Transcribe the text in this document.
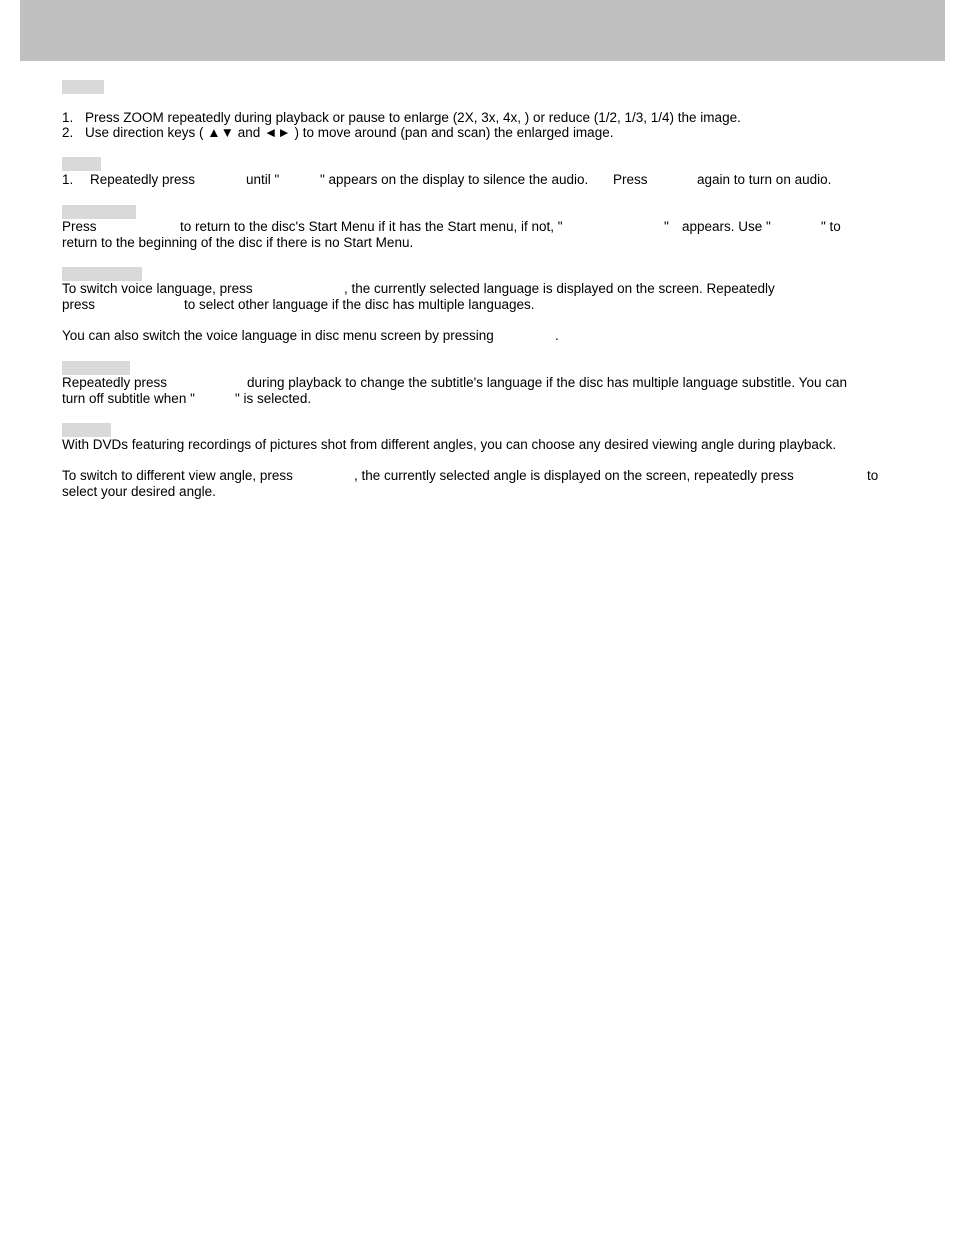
1. Press ZOOM repeatedly during playback or pause to enlarge (2X, 3x, 4x, ) or reduce (1/2, 1/3, 1/4) the image.
2. Use direction keys ( ▲▼ and ◄► ) to move around (pan and scan) the enlarged image.
1. Repeatedly press	until "	" appears on the display to silence the audio. Press	again to turn on audio.
Press	to return to the disc's Start Menu if it has the Start menu, if not, "	" appears. Use "	" to
return to the beginning of the disc if there is no Start Menu.
To switch voice language, press	, the currently selected language is displayed on the screen. Repeatedly
press	to select other language if the disc has multiple languages.
You can also switch the voice language in disc menu screen by pressing	.
Repeatedly press	during playback to change the subtitle's language if the disc has multiple language substitle. You can
turn off subtitle when "	" is selected.
With DVDs featuring recordings of pictures shot from different angles, you can choose any desired viewing angle during playback.
To switch to different view angle, press	, the currently selected angle is displayed on the screen, repeatedly press	to
select your desired angle.
